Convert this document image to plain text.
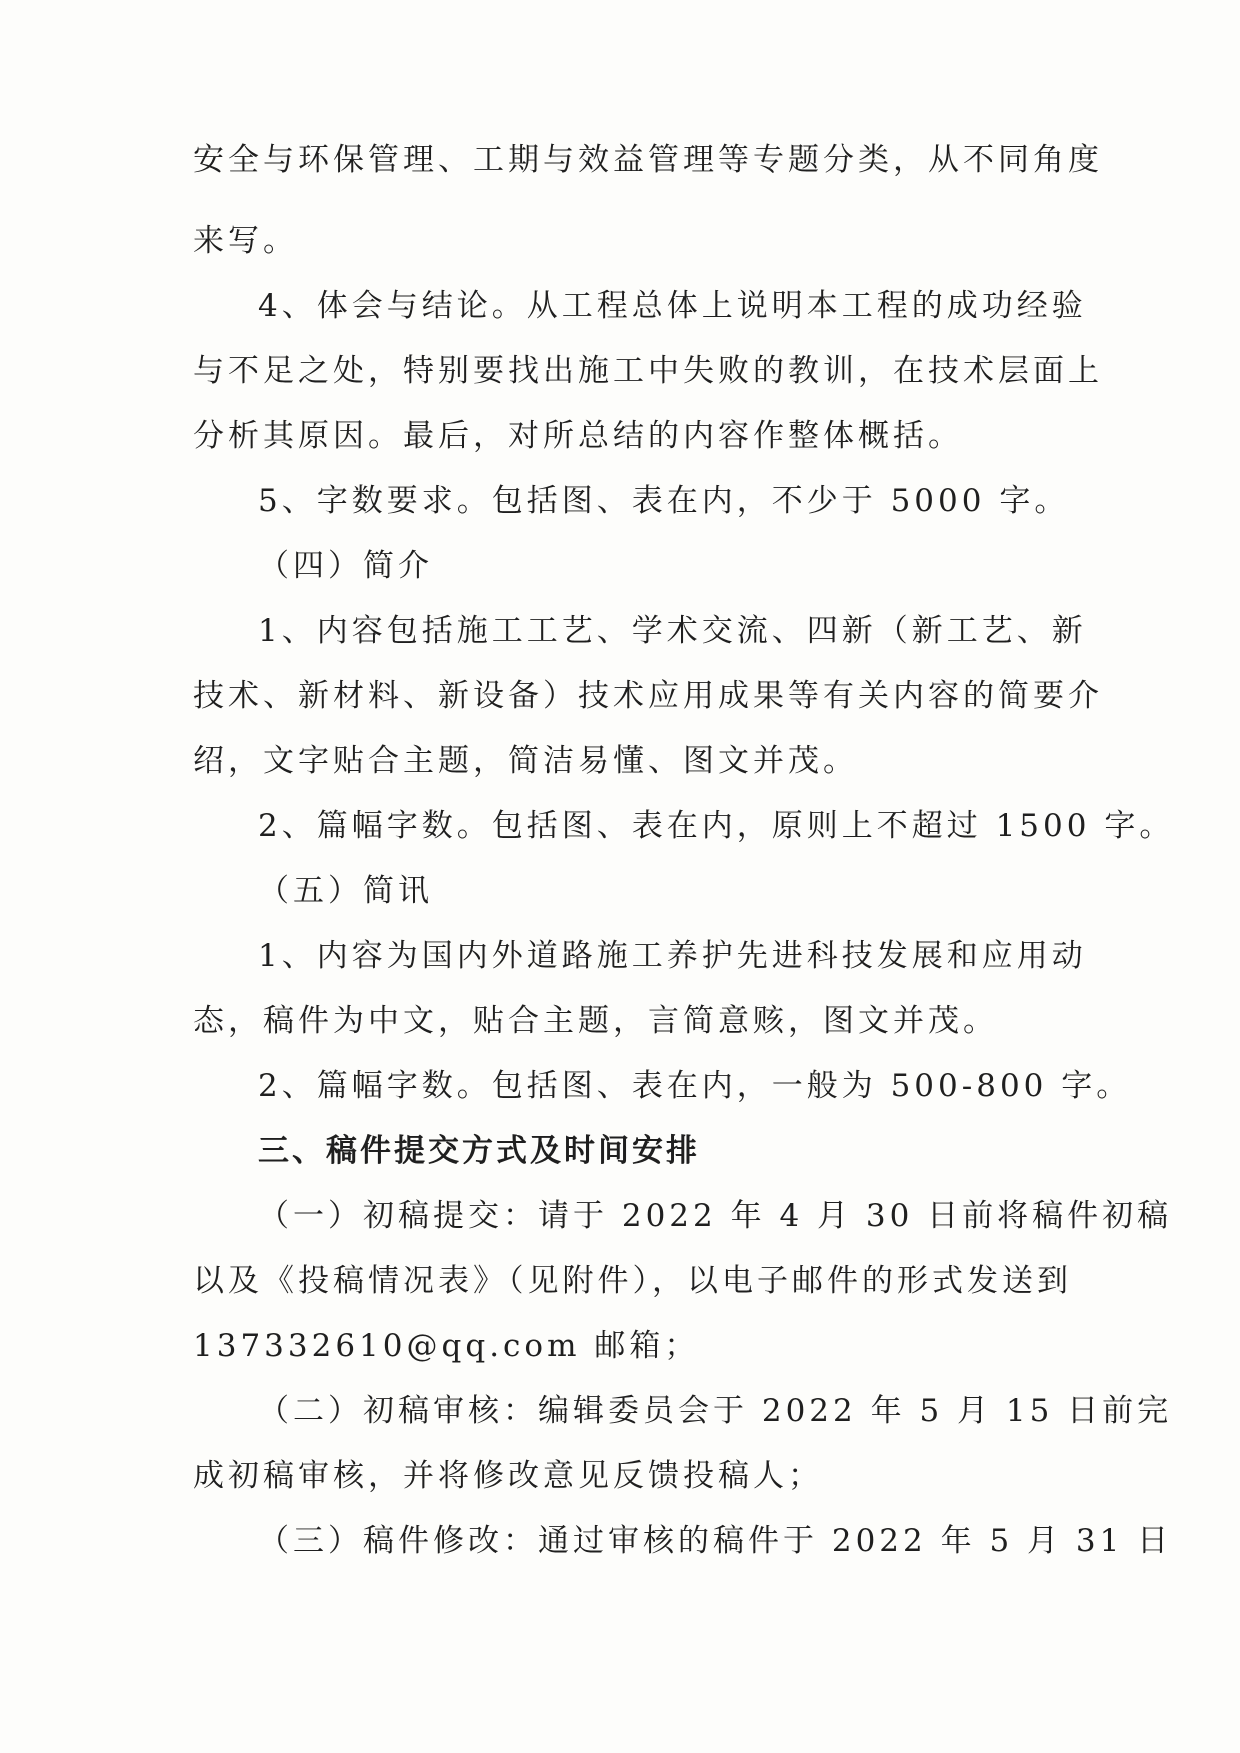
安全与环保管理、工期与效益管理等专题分类，从不同角度
来写。
4、体会与结论。从工程总体上说明本工程的成功经验
与不足之处，特别要找出施工中失败的教训，在技术层面上
分析其原因。最后，对所总结的内容作整体概括。
5、字数要求。包括图、表在内，不少于 5000 字。
（四）简介
1、内容包括施工工艺、学术交流、四新（新工艺、新
技术、新材料、新设备）技术应用成果等有关内容的简要介
绍，文字贴合主题，简洁易懂、图文并茂。
2、篇幅字数。包括图、表在内，原则上不超过 1500 字。
（五）简讯
1、内容为国内外道路施工养护先进科技发展和应用动
态，稿件为中文，贴合主题，言简意赅，图文并茂。
2、篇幅字数。包括图、表在内，一般为 500-800 字。
三、稿件提交方式及时间安排
（一）初稿提交：请于 2022 年 4 月 30 日前将稿件初稿
以及《投稿情况表》（见附件），以电子邮件的形式发送到
137332610@qq.com 邮箱；
（二）初稿审核：编辑委员会于 2022 年 5 月 15 日前完
成初稿审核，并将修改意见反馈投稿人；
（三）稿件修改：通过审核的稿件于 2022 年 5 月 31 日
